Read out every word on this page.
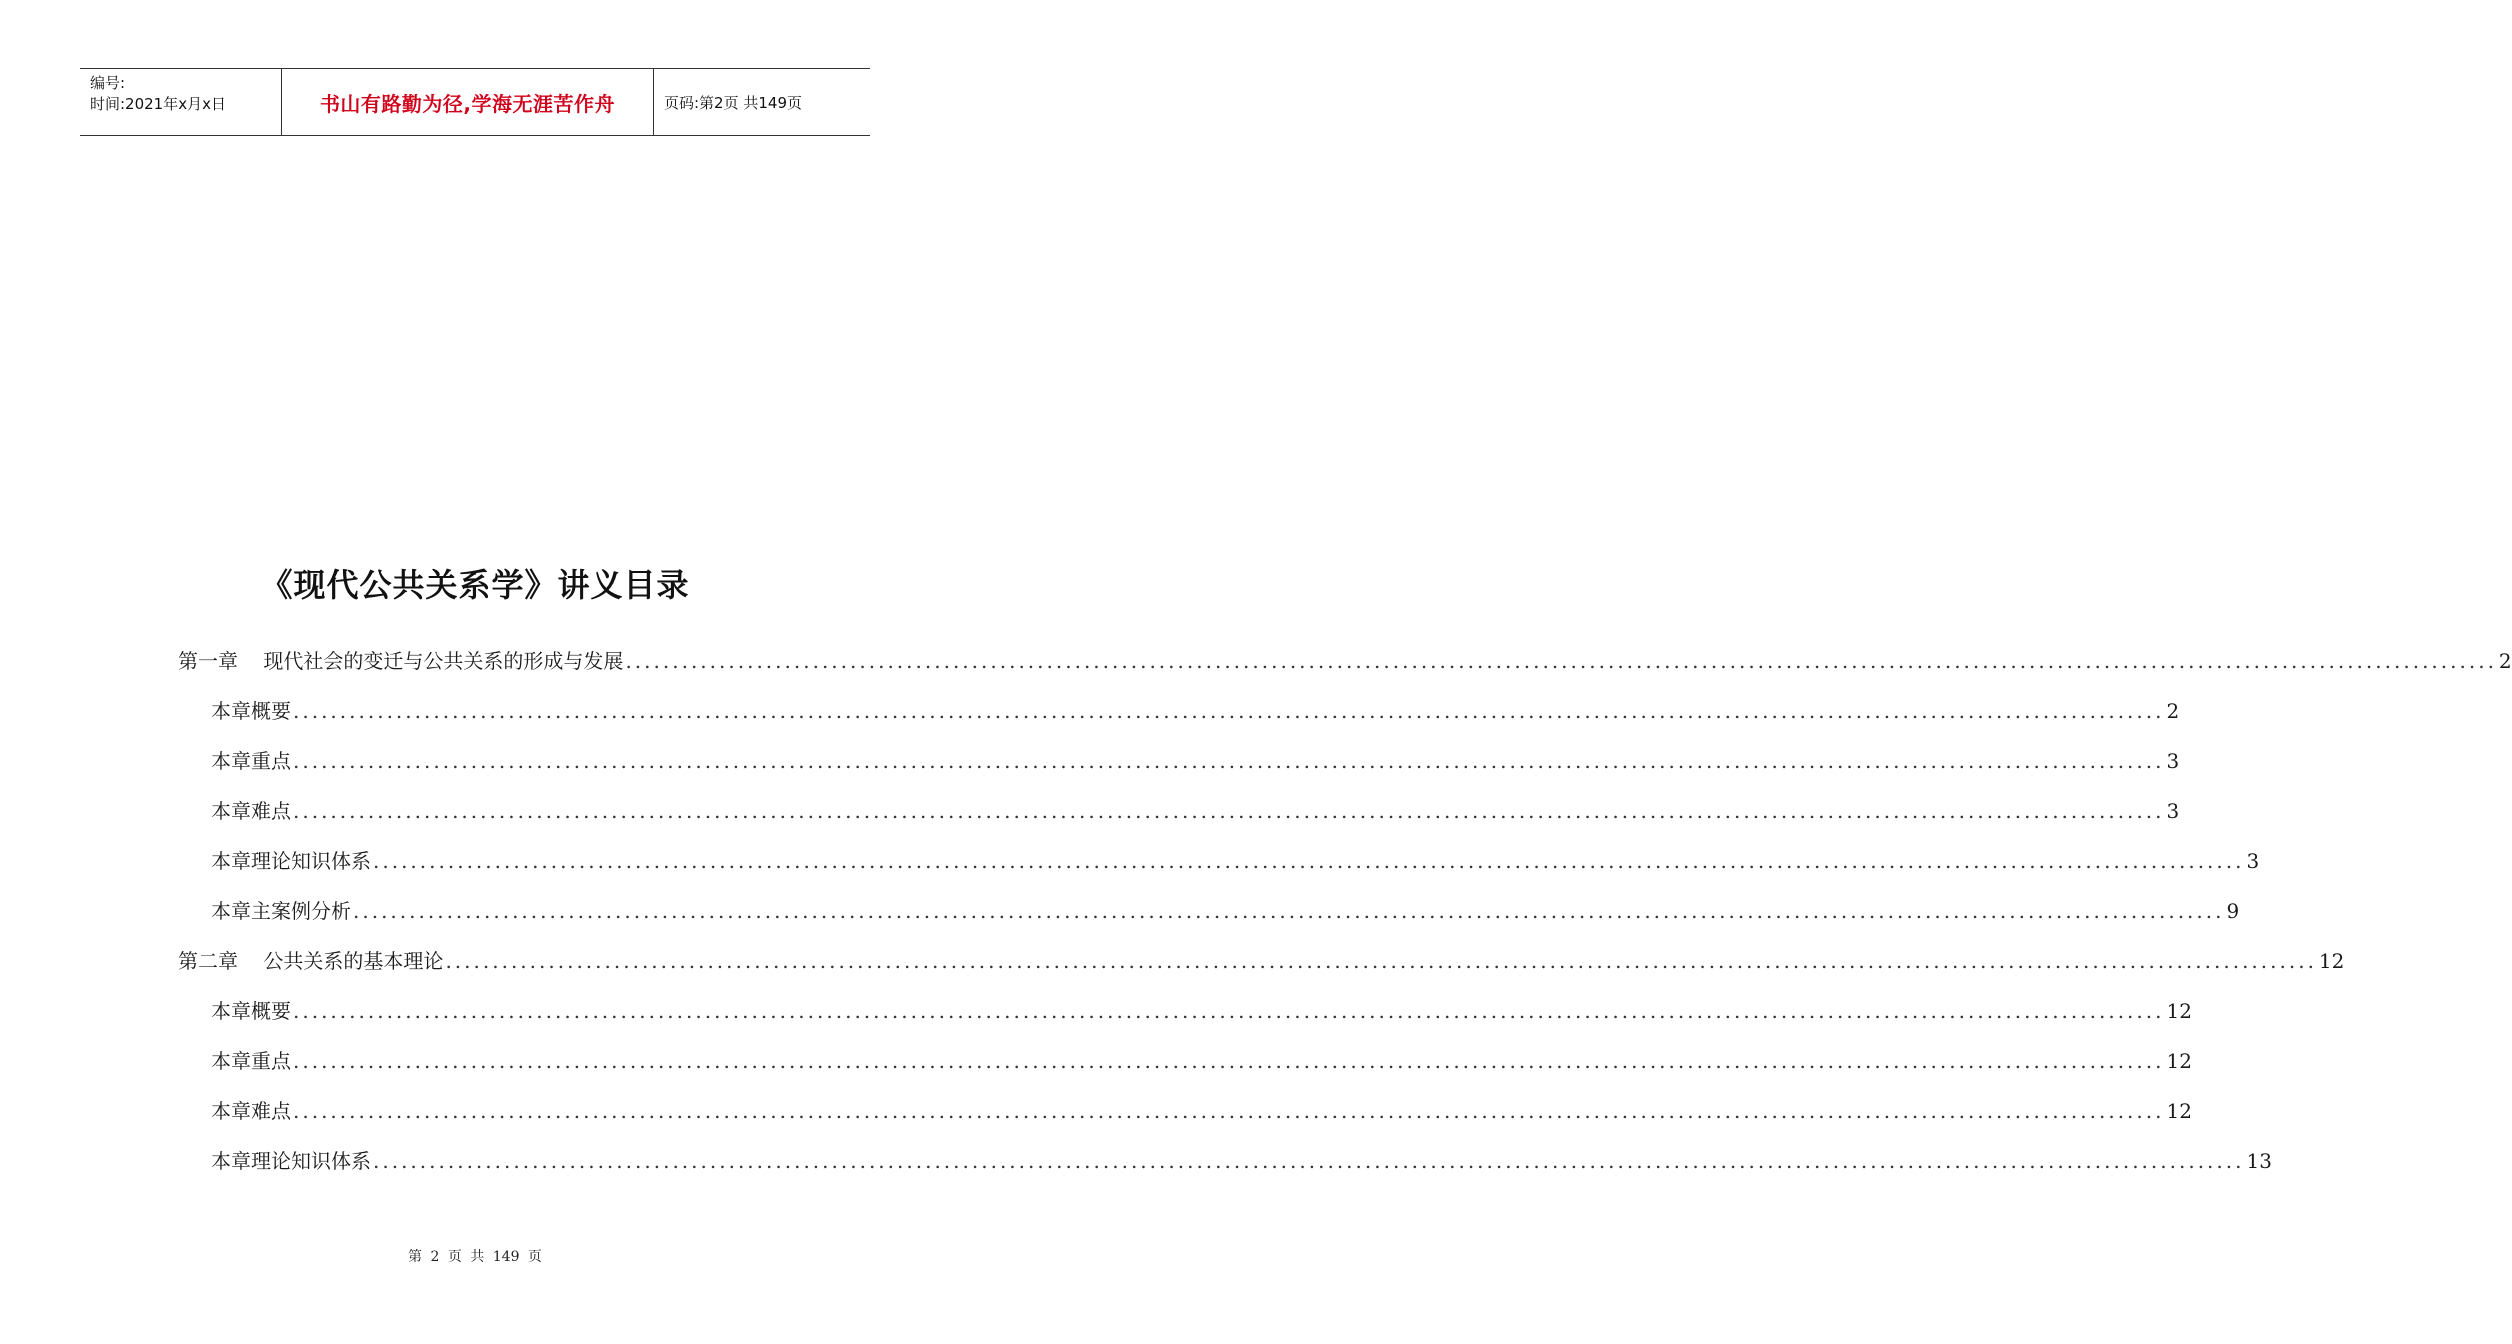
编号:
时间:2021年x月x日	书山有路勤为径,学海无涯苦作舟	页码:第2页 共149页
《现代公共关系学》讲义目录
第一章    现代社会的变迁与公共关系的形成与发展 ........................................................................................................................................................................................................ 2
本章概要 ........................................................................................................................................................................................................ 2
本章重点 ........................................................................................................................................................................................................ 3
本章难点 ........................................................................................................................................................................................................ 3
本章理论知识体系 ........................................................................................................................................................................................................ 3
本章主案例分析 ........................................................................................................................................................................................................ 9
第二章    公共关系的基本理论 ........................................................................................................................................................................................................ 12
本章概要 ........................................................................................................................................................................................................ 12
本章重点 ........................................................................................................................................................................................................ 12
本章难点 ........................................................................................................................................................................................................ 12
本章理论知识体系 ........................................................................................................................................................................................................ 13
第 2 页 共 149 页
